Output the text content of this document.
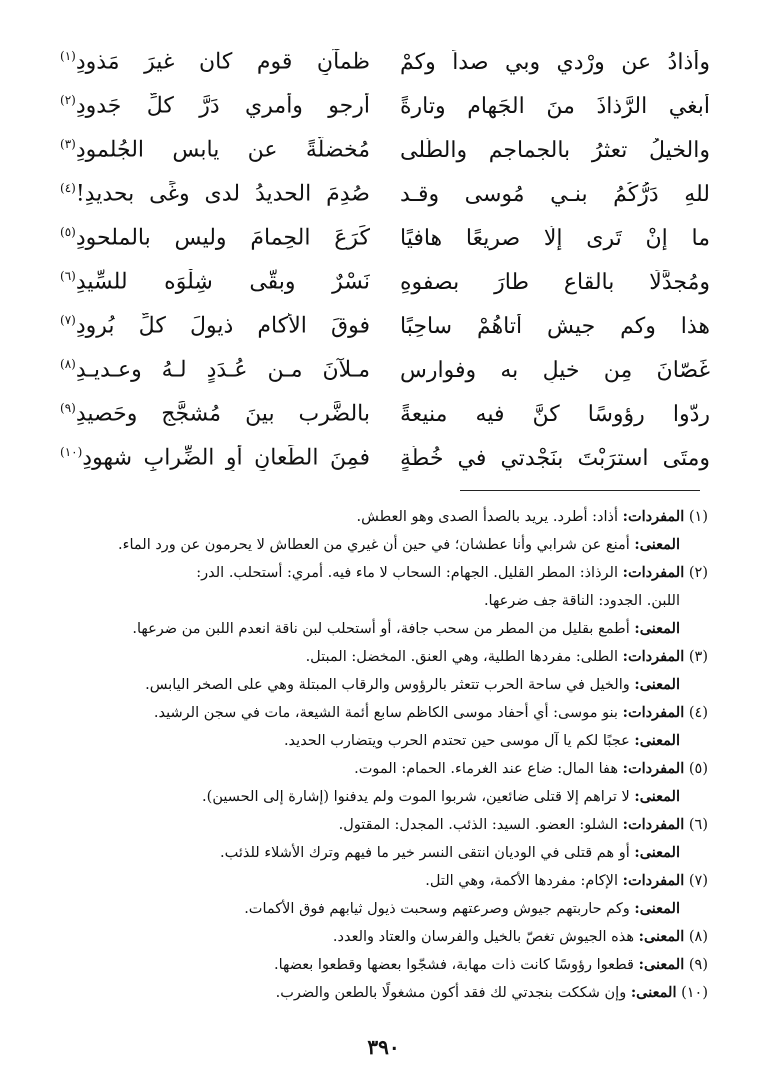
وأُذادُ عن وِرْدي وبي صداً وكمْ
ظمآنِ قومٍ كان غيرَ مَذودِ$^{(١)}$
أبغي الرَّذاذَ منَ الجَهام وتارةً
أرجو وأمري دَرَّ كلِّ جَدودِ$^{(٢)}$
والخيلُ تعثرُ بالجماجم والطُّلى
مُخضلَّةً عن يابس الجُلمودِ$^{(٣)}$
للهِ دَرُّكُمُ بنـي مُوسى وقـد
صُدِمَ الحديدُ لدى وغًى بحديدِ!$^{(٤)}$
ما إنْ تَرى إلّا صريعًا هافيًا
كَرَعَ الحِمامَ وليس بالملحودِ$^{(٥)}$
ومُجدَّلًا بالقاعِ طارَ بصفوهِ
نَسْرٌ وبقّى شِلْوَه للسِّيدِ$^{(٦)}$
هذا وكم جيشٍ أتاهُمْ ساحِبًا
فوقَ الأكامِ ذيولَ كلِّ بُرودِ$^{(٧)}$
غَصّانَ مِن خيلٍ به وفوارسٍ
مـلآنَ مـن عُـدَدٍ لـهُ وعـديـدِ$^{(٨)}$
ردّوا رؤوسًا كنَّ فيه منيعةً
بالضَّرب بينَ مُشجَّجٍ وحَصيدِ$^{(٩)}$
ومتَى استرَبْتَ بنَجْدتي في خُطَّةٍ
فمِنَ الطِّعانِ أوِ الضِّرابِ شهودِ$^{(١٠)}$
(١) المفردات: أذاد: أطرد. يريد بالصدأ الصدى وهو العطش.
المعنى: أمنع عن شرابي وأنا عطشان؛ في حين أن غيري من العطاش لا يحرمون عن ورد الماء.
(٢) المفردات: الرذاذ: المطر القليل. الجهام: السحاب لا ماء فيه. أمري: أستحلب. الدر:
اللبن. الجدود: الناقة جف ضرعها.
المعنى: أطمع بقليل من المطر من سحب جافة، أو أستحلب لبن ناقة انعدم اللبن من ضرعها.
(٣) المفردات: الطلى: مفردها الطلية، وهي العنق. المخضل: المبتل.
المعنى: والخيل في ساحة الحرب تتعثر بالرؤوس والرقاب المبتلة وهي على الصخر اليابس.
(٤) المفردات: بنو موسى: أي أحفاد موسى الكاظم سابع أئمة الشيعة، مات في سجن الرشيد.
المعنى: عجبًا لكم يا آل موسى حين تحتدم الحرب ويتضارب الحديد.
(٥) المفردات: هفا المال: ضاع عند الغرماء. الحمام: الموت.
المعنى: لا تراهم إلا قتلى ضائعين، شربوا الموت ولم يدفنوا (إشارة إلى الحسين).
(٦) المفردات: الشلو: العضو. السيد: الذئب. المجدل: المقتول.
المعنى: أو هم قتلى في الوديان انتقى النسر خير ما فيهم وترك الأشلاء للذئب.
(٧) المفردات: الإكام: مفردها الأكمة، وهي التل.
المعنى: وكم حاربتهم جيوش وصرعتهم وسحبت ذيول ثيابهم فوق الأكمات.
(٨) المعنى: هذه الجيوش تغصّ بالخيل والفرسان والعتاد والعدد.
(٩) المعنى: قطعوا رؤوسًا كانت ذات مهابة، فشجّوا بعضها وقطعوا بعضها.
(١٠) المعنى: وإن شككت بنجدتي لك فقد أكون مشغولًا بالطعن والضرب.
٣٩٠
